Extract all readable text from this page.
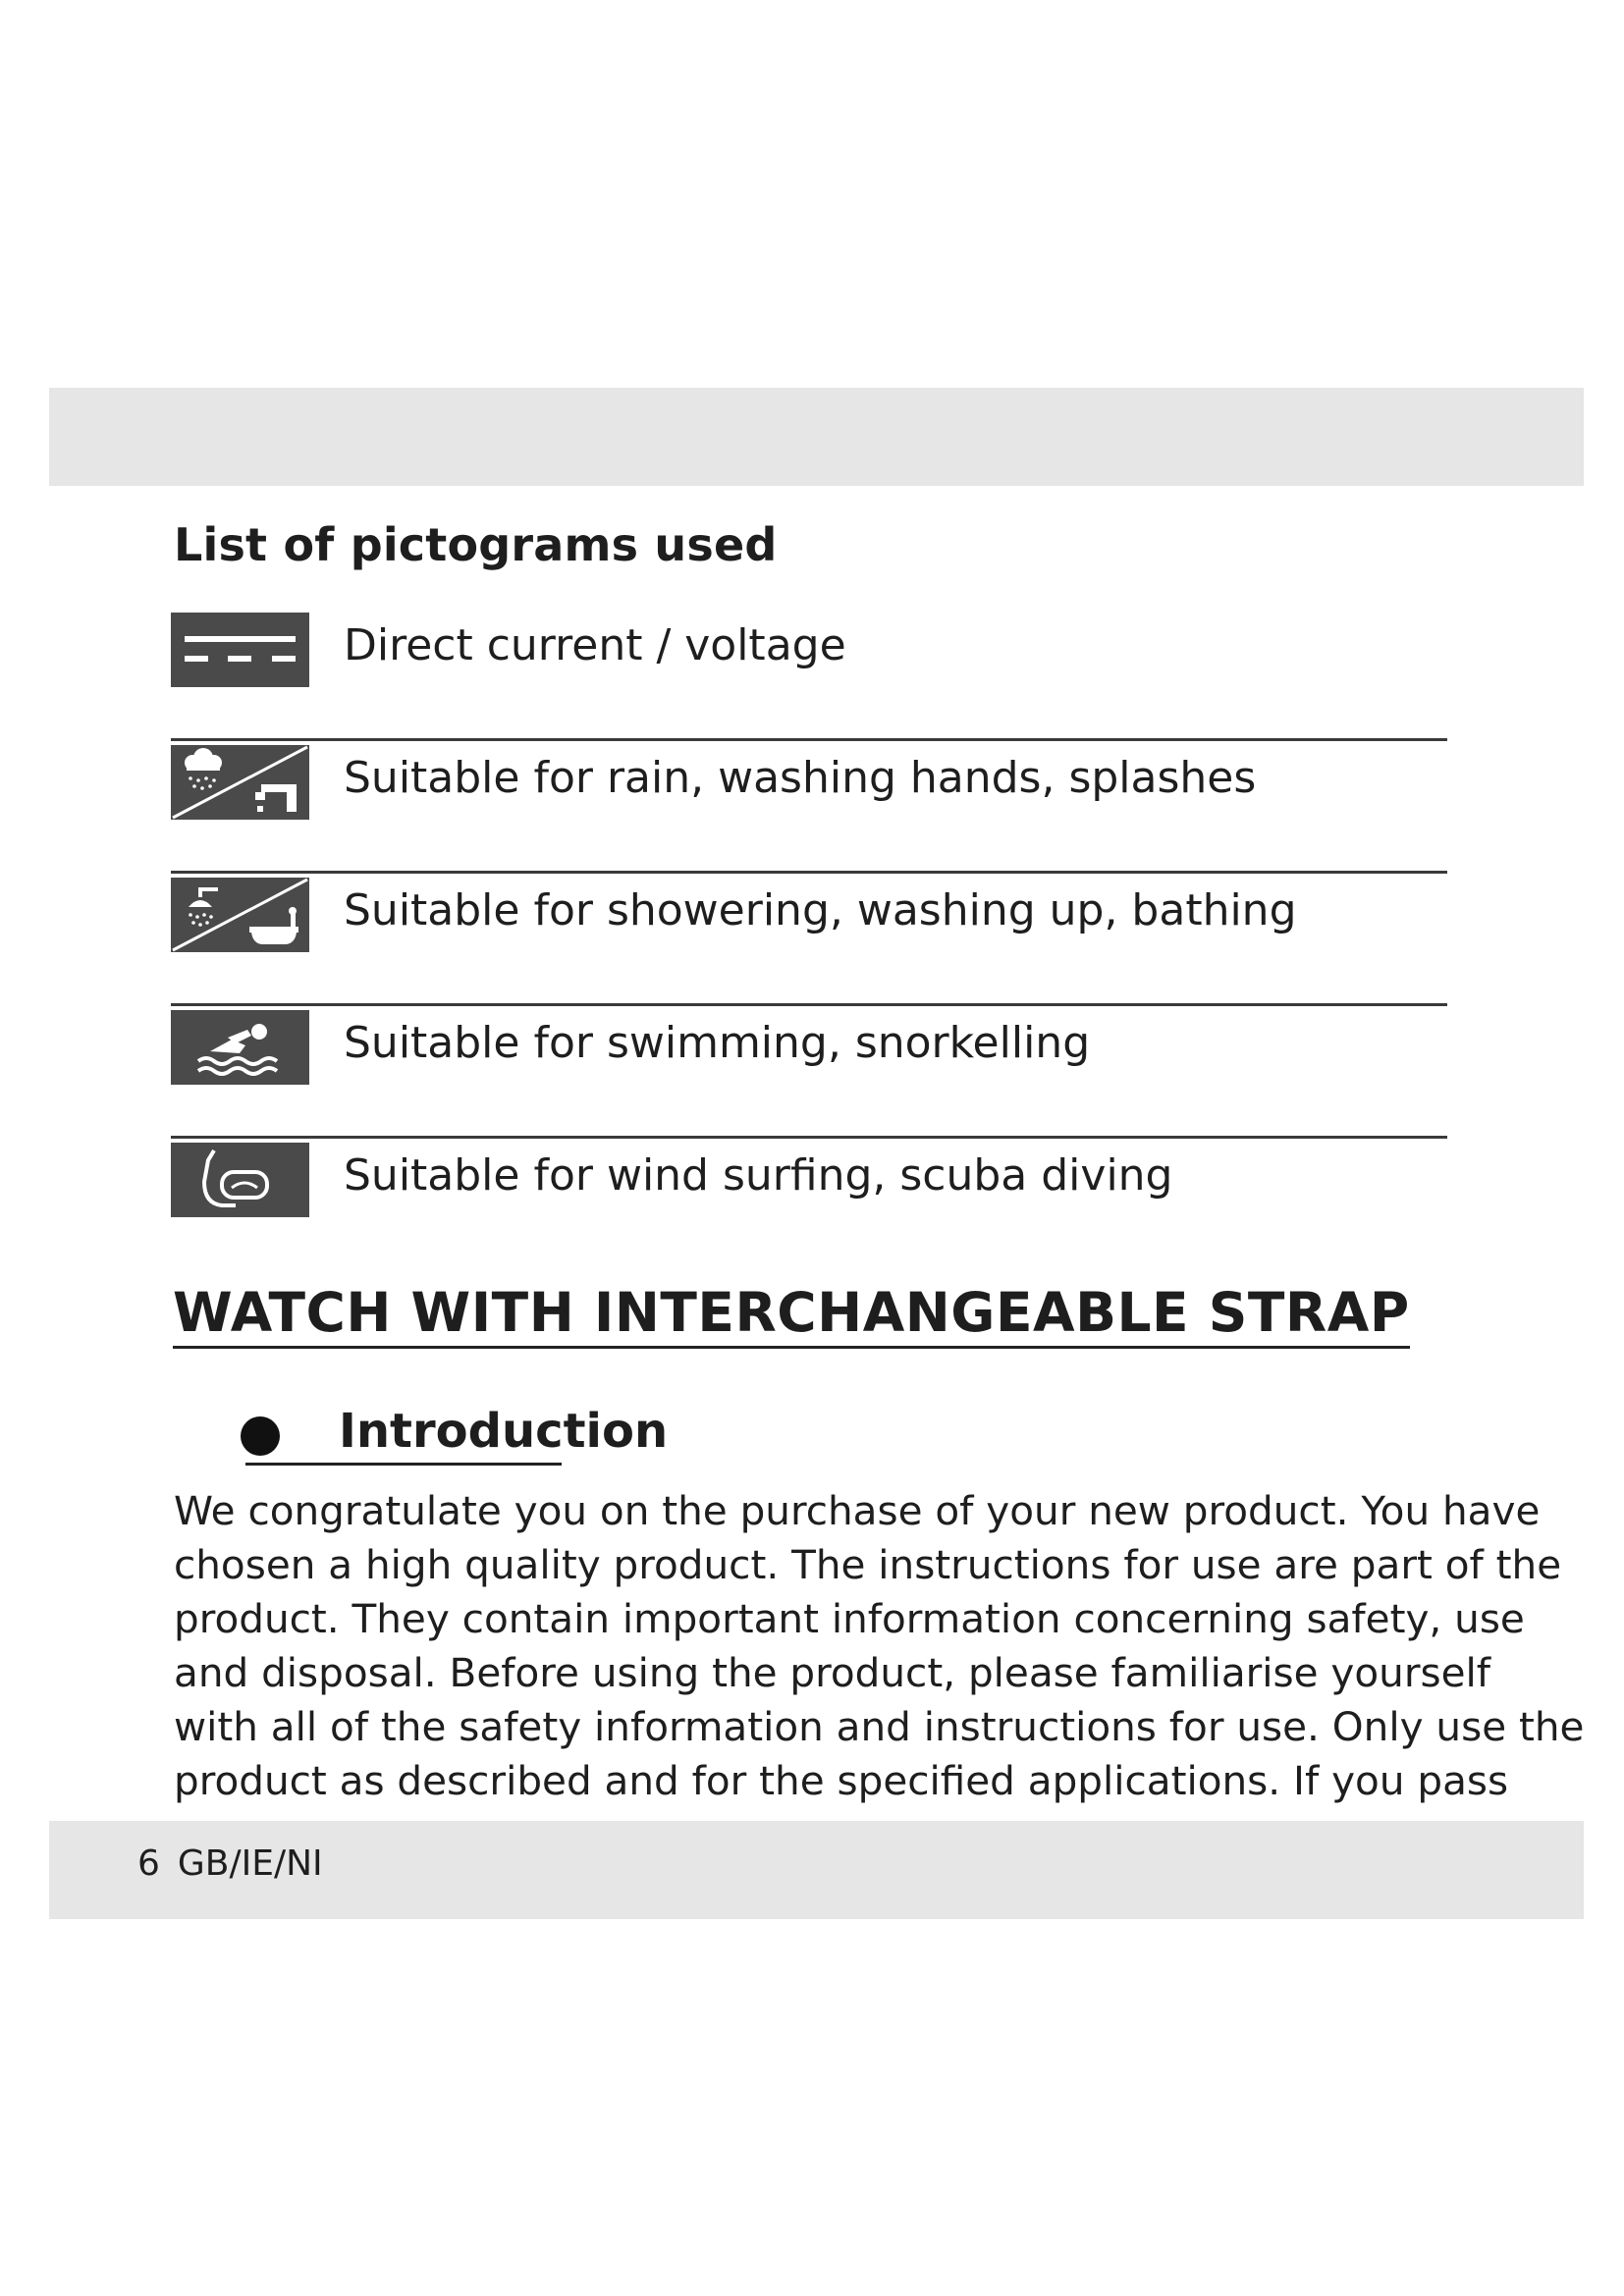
List of pictograms used
Direct current / voltage
Suitable for rain, washing hands, splashes
Suitable for showering, washing up, bathing
Suitable for swimming, snorkelling
Suitable for wind surfing, scuba diving
WATCH WITH INTERCHANGEABLE STRAP
Introduction
We congratulate you on the purchase of your new product. You have
chosen a high quality product. The instructions for use are part of the
product. They contain important information concerning safety, use
and disposal. Before using the product, please familiarise yourself
with all of the safety information and instructions for use. Only use the
product as described and for the specified applications. If you pass
6 GB/IE/NI
